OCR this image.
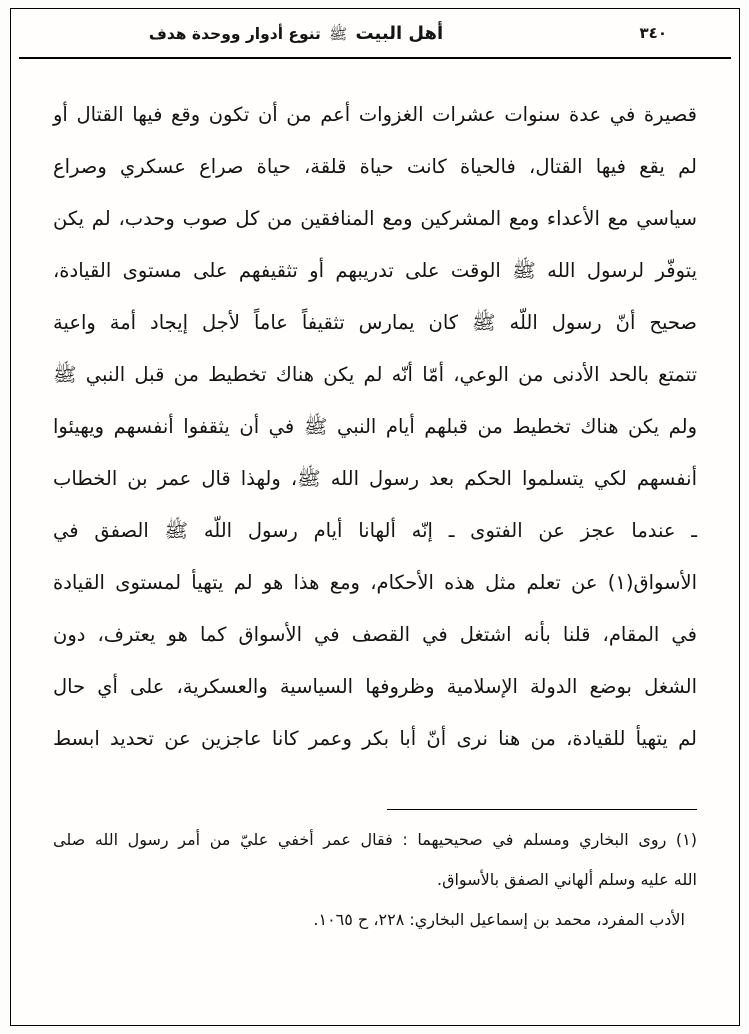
أهل البيت ﷺ تنوع أدوار ووحدة هدف	٣٤٠
قصيرة في عدة سنوات عشرات الغزوات أعم من أن تكون وقع فيها القتال أو
لم يقع فيها القتال، فالحياة كانت حياة قلقة، حياة صراع عسكري وصراع
سياسي مع الأعداء ومع المشركين ومع المنافقين من كل صوب وحدب، لم يكن
يتوفّر لرسول الله ﷺ الوقت على تدريبهم أو تثقيفهم على مستوى القيادة،
صحيح أنّ رسول اللّه ﷺ كان يمارس تثقيفاً عاماً لأجل إيجاد أمة واعية
تتمتع بالحد الأدنى من الوعي، أمّا أنّه لم يكن هناك تخطيط من قبل النبي ﷺ
ولم يكن هناك تخطيط من قبلهم أيام النبي ﷺ في أن يثقفوا أنفسهم ويهيئوا
أنفسهم لكي يتسلموا الحكم بعد رسول الله ﷺ، ولهذا قال عمر بن الخطاب
ـ عندما عجز عن الفتوى ـ إنّه ألهانا أيام رسول اللّه ﷺ الصفق في
الأسواق(١) عن تعلم مثل هذه الأحكام، ومع هذا هو لم يتهيأ لمستوى القيادة
في المقام، قلنا بأنه اشتغل في القصف في الأسواق كما هو يعترف، دون
الشغل بوضع الدولة الإسلامية وظروفها السياسية والعسكرية، على أي حال
لم يتهيأ للقيادة، من هنا نرى أنّ أبا بكر وعمر كانا عاجزين عن تحديد ابسط
(١) روى البخاري ومسلم في صحيحيهما : فقال عمر أخفي عليّ من أمر رسول الله صلى
الله عليه وسلم ألهاني الصفق بالأسواق.
الأدب المفرد، محمد بن إسماعيل البخاري: ٢٢٨، ح ١٠٦٥.
